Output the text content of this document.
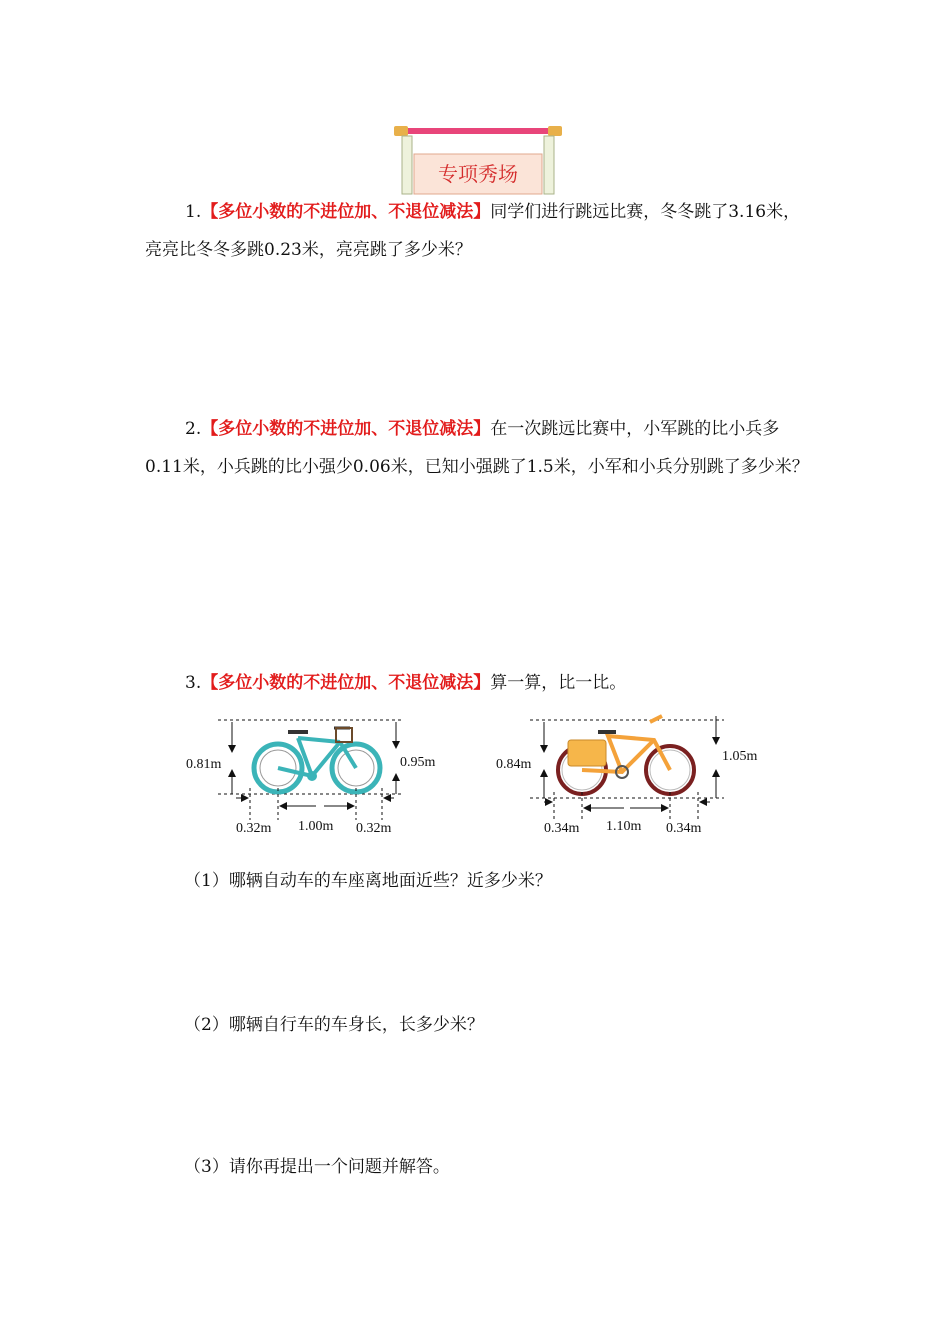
专项秀场

1.【多位小数的不进位加、不退位减法】同学们进行跳远比赛，冬冬跳了3.16米，亮亮比冬冬多跳0.23米，亮亮跳了多少米？

2.【多位小数的不进位加、不退位减法】在一次跳远比赛中，小军跳的比小兵多0.11米，小兵跳的比小强少0.06米，已知小强跳了1.5米，小军和小兵分别跳了多少米？

3.【多位小数的不进位加、不退位减法】算一算，比一比。

0.81m	0.95m
0.32m 1.00m 0.32m
0.84m
1.05m
0.34m 1.10m 0.34m

（1）哪辆自动车的车座离地面近些？近多少米？

（2）哪辆自行车的车身长，长多少米？

（3）请你再提出一个问题并解答。
